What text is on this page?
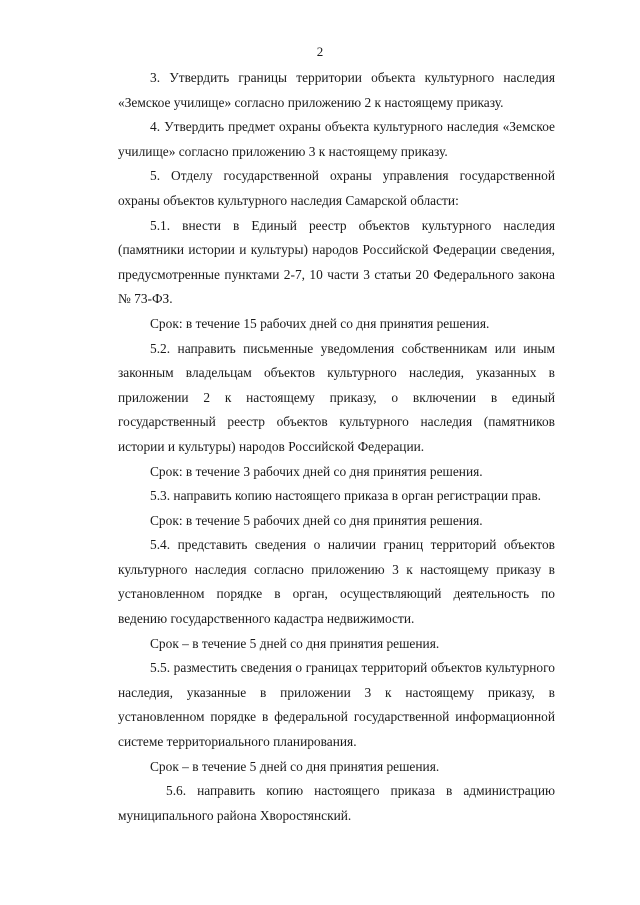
2

3. Утвердить границы территории объекта культурного наследия «Земское училище» согласно приложению 2 к настоящему приказу.

4. Утвердить предмет охраны объекта культурного наследия «Земское училище» согласно приложению 3 к настоящему приказу.

5. Отделу государственной охраны управления государственной охраны объектов культурного наследия Самарской области:

5.1. внести в Единый реестр объектов культурного наследия (памятники истории и культуры) народов Российской Федерации сведения, предусмотренные пунктами 2-7, 10 части 3 статьи 20 Федерального закона № 73-ФЗ.

Срок: в течение 15 рабочих дней со дня принятия решения.

5.2. направить письменные уведомления собственникам или иным законным владельцам объектов культурного наследия, указанных в приложении 2 к настоящему приказу, о включении в единый государственный реестр объектов культурного наследия (памятников истории и культуры) народов Российской Федерации.

Срок: в течение 3 рабочих дней со дня принятия решения.

5.3. направить копию настоящего приказа в орган регистрации прав.

Срок: в течение 5 рабочих дней со дня принятия решения.

5.4. представить сведения о наличии границ территорий объектов культурного наследия согласно приложению 3 к настоящему приказу в установленном порядке в орган, осуществляющий деятельность по ведению государственного кадастра недвижимости.

Срок – в течение 5 дней со дня принятия решения.

5.5. разместить сведения о границах территорий объектов культурного наследия, указанные в приложении 3 к настоящему приказу, в установленном порядке в федеральной государственной информационной системе территориального планирования.

Срок – в течение 5 дней со дня принятия решения.

5.6. направить копию настоящего приказа в администрацию муниципального района Хворостянский.
